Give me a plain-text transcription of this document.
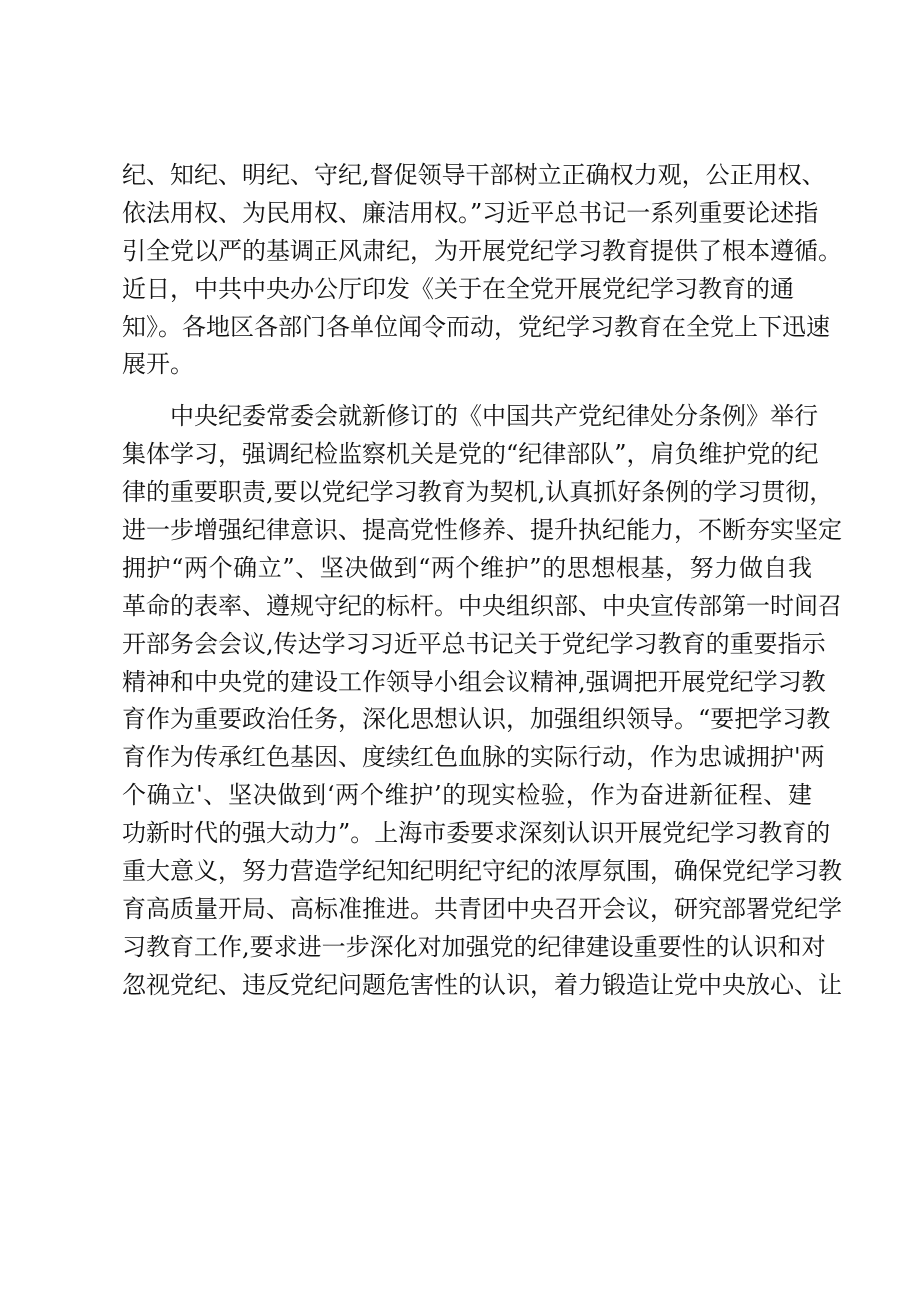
纪、知纪、明纪、守纪,督促领导干部树立正确权力观，公正用权、
依法用权、为民用权、廉洁用权。”习近平总书记一系列重要论述指
引全党以严的基调正风肃纪，为开展党纪学习教育提供了根本遵循。
近日，中共中央办公厅印发《关于在全党开展党纪学习教育的通
知》。各地区各部门各单位闻令而动，党纪学习教育在全党上下迅速
展开。
中央纪委常委会就新修订的《中国共产党纪律处分条例》举行
集体学习，强调纪检监察机关是党的“纪律部队”，肩负维护党的纪
律的重要职责,要以党纪学习教育为契机,认真抓好条例的学习贯彻，
进一步增强纪律意识、提高党性修养、提升执纪能力，不断夯实坚定
拥护“两个确立”、坚决做到“两个维护”的思想根基，努力做自我
革命的表率、遵规守纪的标杆。中央组织部、中央宣传部第一时间召
开部务会会议,传达学习习近平总书记关于党纪学习教育的重要指示
精神和中央党的建设工作领导小组会议精神,强调把开展党纪学习教
育作为重要政治任务，深化思想认识，加强组织领导。“要把学习教
育作为传承红色基因、度续红色血脉的实际行动，作为忠诚拥护'两
个确立'、坚决做到‘两个维护’的现实检验，作为奋进新征程、建
功新时代的强大动力”。上海市委要求深刻认识开展党纪学习教育的
重大意义，努力营造学纪知纪明纪守纪的浓厚氛围，确保党纪学习教
育高质量开局、高标准推进。共青团中央召开会议，研究部署党纪学
习教育工作,要求进一步深化对加强党的纪律建设重要性的认识和对
忽视党纪、违反党纪问题危害性的认识，着力锻造让党中央放心、让
